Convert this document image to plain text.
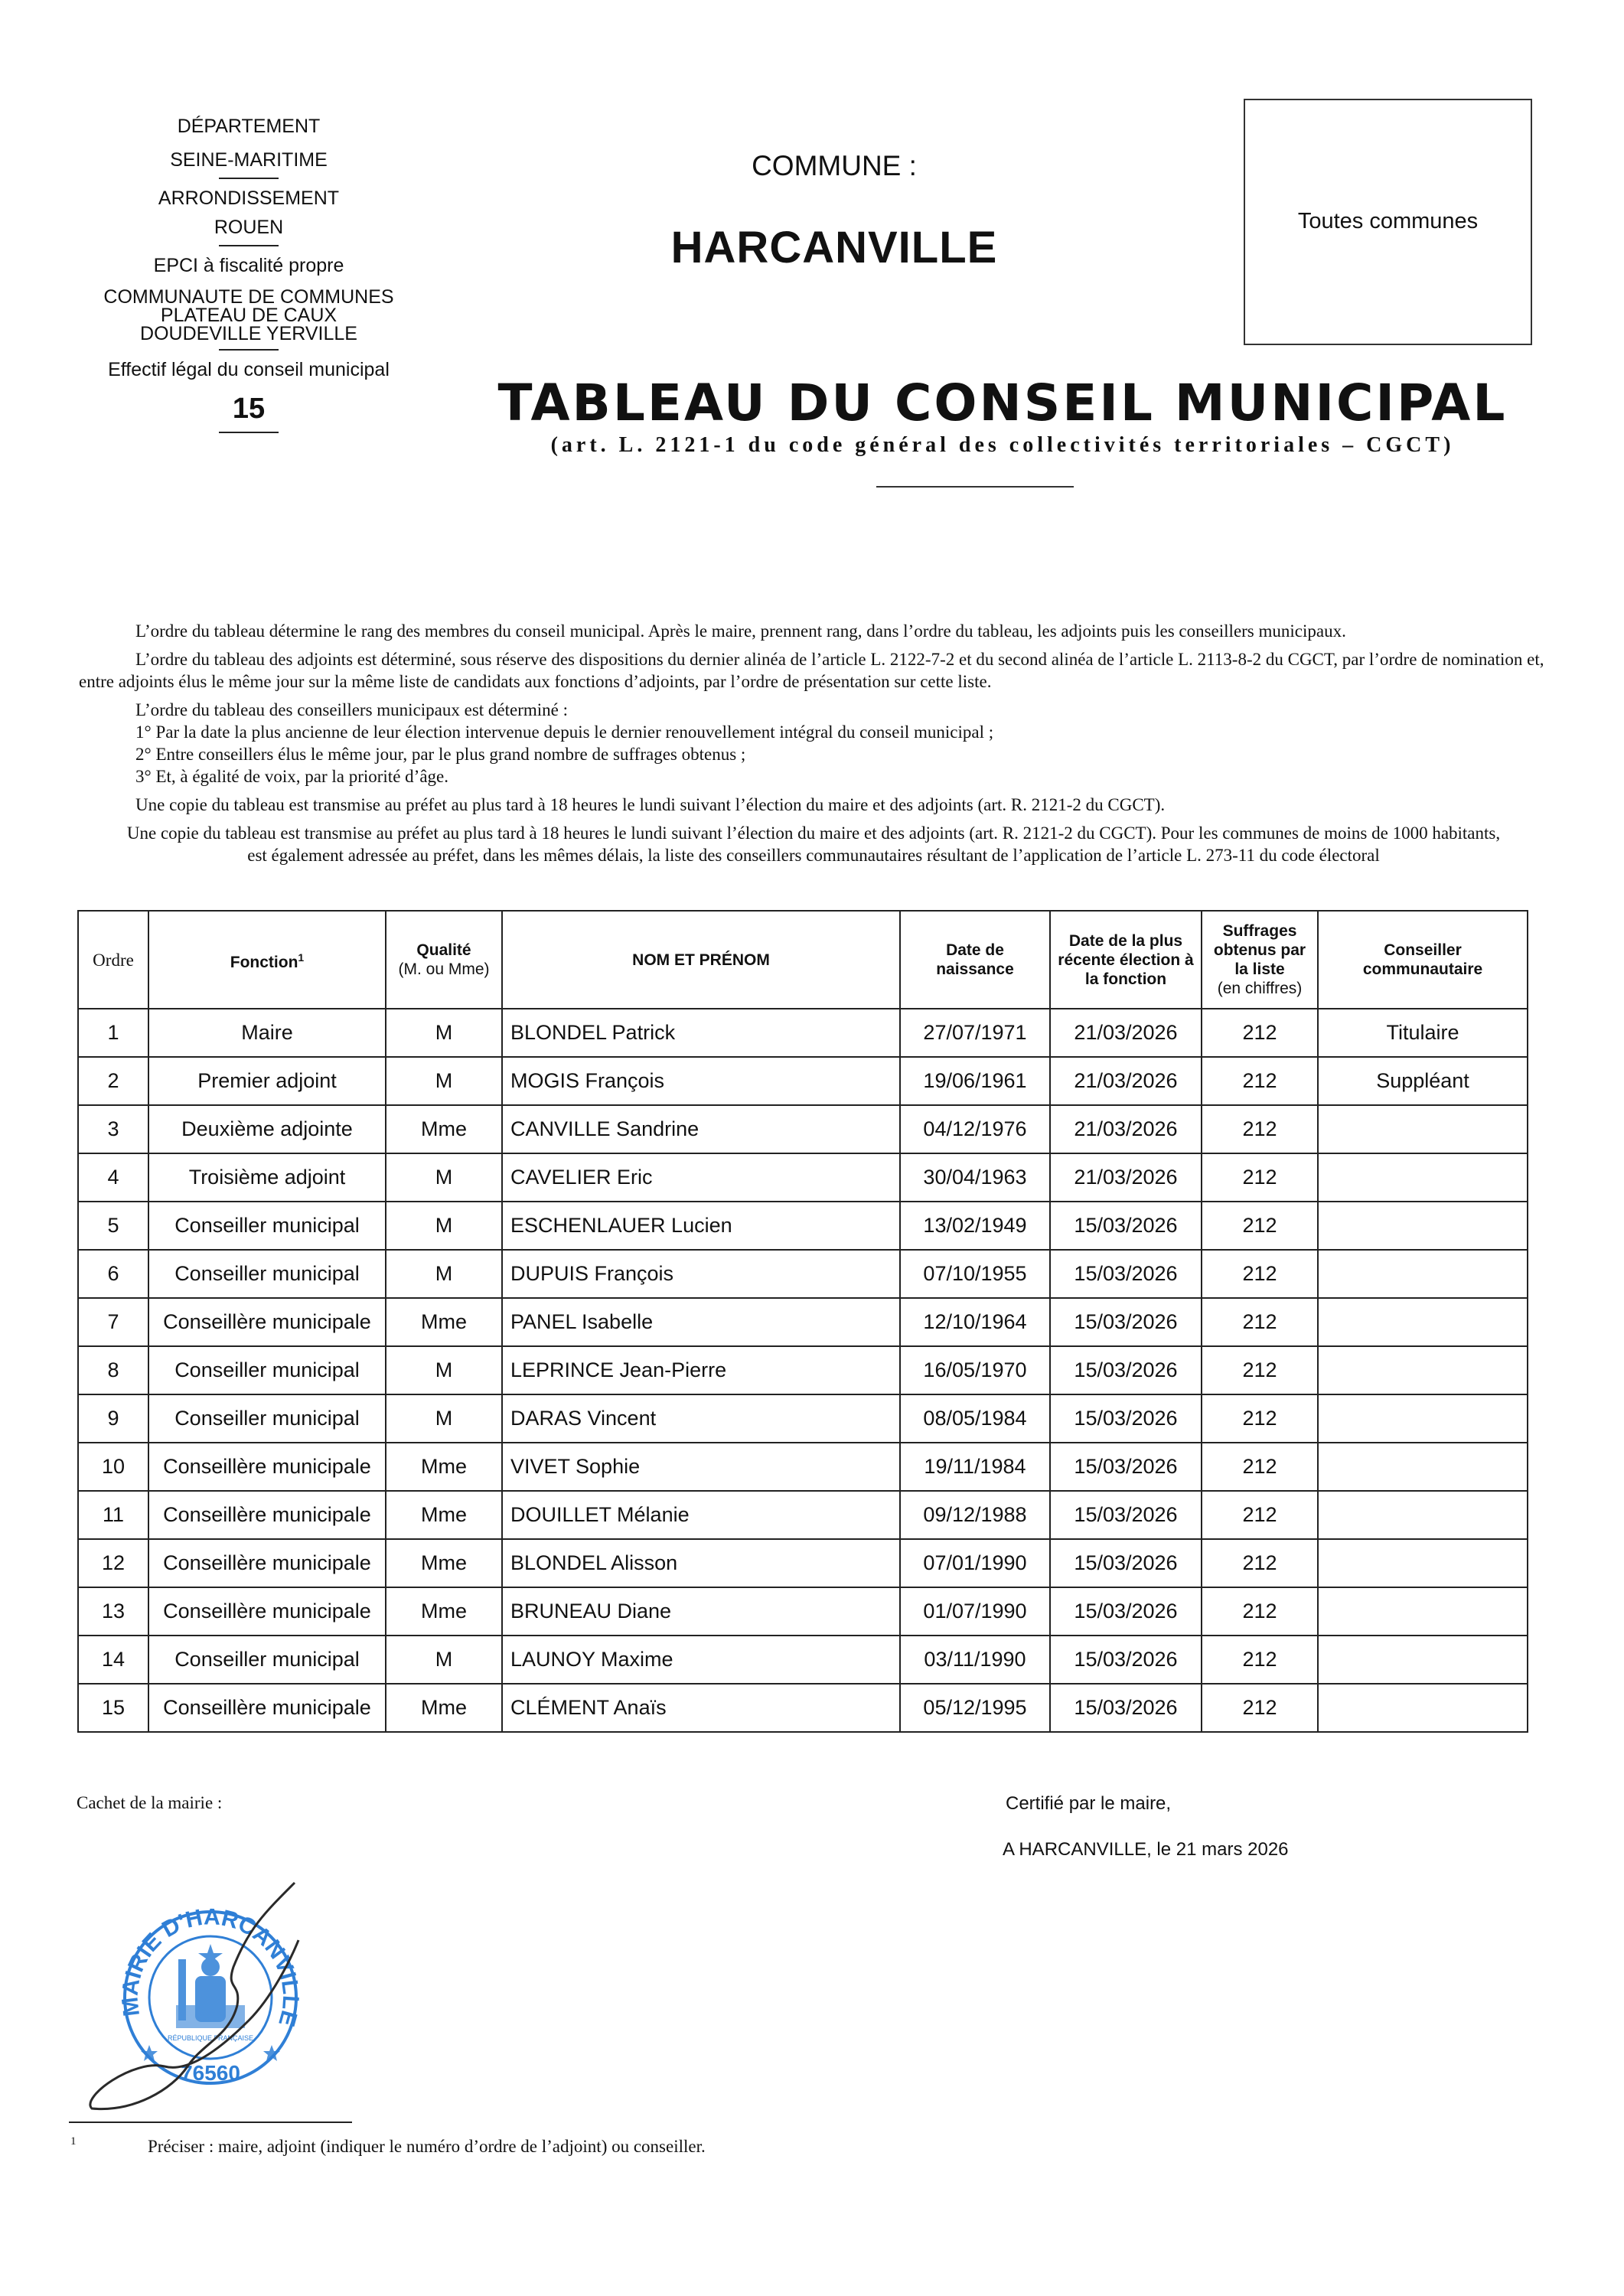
DÉPARTEMENT
SEINE-MARITIME
ARRONDISSEMENT
ROUEN
EPCI à fiscalité propre
COMMUNAUTE DE COMMUNES
PLATEAU DE CAUX
DOUDEVILLE YERVILLE
Effectif légal du conseil municipal
15
COMMUNE :
HARCANVILLE
Toutes communes
TABLEAU DU CONSEIL MUNICIPAL
(art. L. 2121-1 du code général des collectivités territoriales – CGCT)

L’ordre du tableau détermine le rang des membres du conseil municipal. Après le maire, prennent rang, dans l’ordre du tableau, les adjoints puis les conseillers municipaux.

L’ordre du tableau des adjoints est déterminé, sous réserve des dispositions du dernier alinéa de l’article L. 2122-7-2 et du second alinéa de l’article L. 2113-8-2 du CGCT, par l’ordre de nomination et, entre adjoints élus le même jour sur la même liste de candidats aux fonctions d’adjoints, par l’ordre de présentation sur cette liste.

L’ordre du tableau des conseillers municipaux est déterminé :
1° Par la date la plus ancienne de leur élection intervenue depuis le dernier renouvellement intégral du conseil municipal ;
2° Entre conseillers élus le même jour, par le plus grand nombre de suffrages obtenus ;
3° Et, à égalité de voix, par la priorité d’âge.

Une copie du tableau est transmise au préfet au plus tard à 18 heures le lundi suivant l’élection du maire et des adjoints (art. R. 2121-2 du CGCT).

Une copie du tableau est transmise au préfet au plus tard à 18 heures le lundi suivant l’élection du maire et des adjoints (art. R. 2121-2 du CGCT). Pour les communes de moins de 1000 habitants, est également adressée au préfet, dans les mêmes délais, la liste des conseillers communautaires résultant de l’application de l’article L. 273-11 du code électoral

Ordre	Fonction$^1$	Qualité
(M. ou Mme)	NOM ET PRÉNOM	Date de naissance	Date de la plus récente élection à la fonction	Suffrages obtenus par la liste
(en chiffres)	Conseiller communautaire
1	Maire	M	BLONDEL Patrick	27/07/1971	21/03/2026	212	Titulaire
2	Premier adjoint	M	MOGIS François	19/06/1961	21/03/2026	212	Suppléant
3	Deuxième adjointe	Mme	CANVILLE Sandrine	04/12/1976	21/03/2026	212	
4	Troisième adjoint	M	CAVELIER Eric	30/04/1963	21/03/2026	212	
5	Conseiller municipal	M	ESCHENLAUER Lucien	13/02/1949	15/03/2026	212	
6	Conseiller municipal	M	DUPUIS François	07/10/1955	15/03/2026	212	
7	Conseillère municipale	Mme	PANEL Isabelle	12/10/1964	15/03/2026	212	
8	Conseiller municipal	M	LEPRINCE Jean-Pierre	16/05/1970	15/03/2026	212	
9	Conseiller municipal	M	DARAS Vincent	08/05/1984	15/03/2026	212	
10	Conseillère municipale	Mme	VIVET Sophie	19/11/1984	15/03/2026	212	
11	Conseillère municipale	Mme	DOUILLET Mélanie	09/12/1988	15/03/2026	212	
12	Conseillère municipale	Mme	BLONDEL Alisson	07/01/1990	15/03/2026	212	
13	Conseillère municipale	Mme	BRUNEAU Diane	01/07/1990	15/03/2026	212	
14	Conseiller municipal	M	LAUNOY Maxime	03/11/1990	15/03/2026	212	
15	Conseillère municipale	Mme	CLÉMENT Anaïs	05/12/1995	15/03/2026	212	
Cachet de la mairie :	Certifié par le maire,
A HARCANVILLE, le 21 mars 2026
MAIRIE D'HARCANVILLE
76560
RÉPUBLIQUE FRANÇAISE
1	Préciser : maire, adjoint (indiquer le numéro d’ordre de l’adjoint) ou conseiller.
